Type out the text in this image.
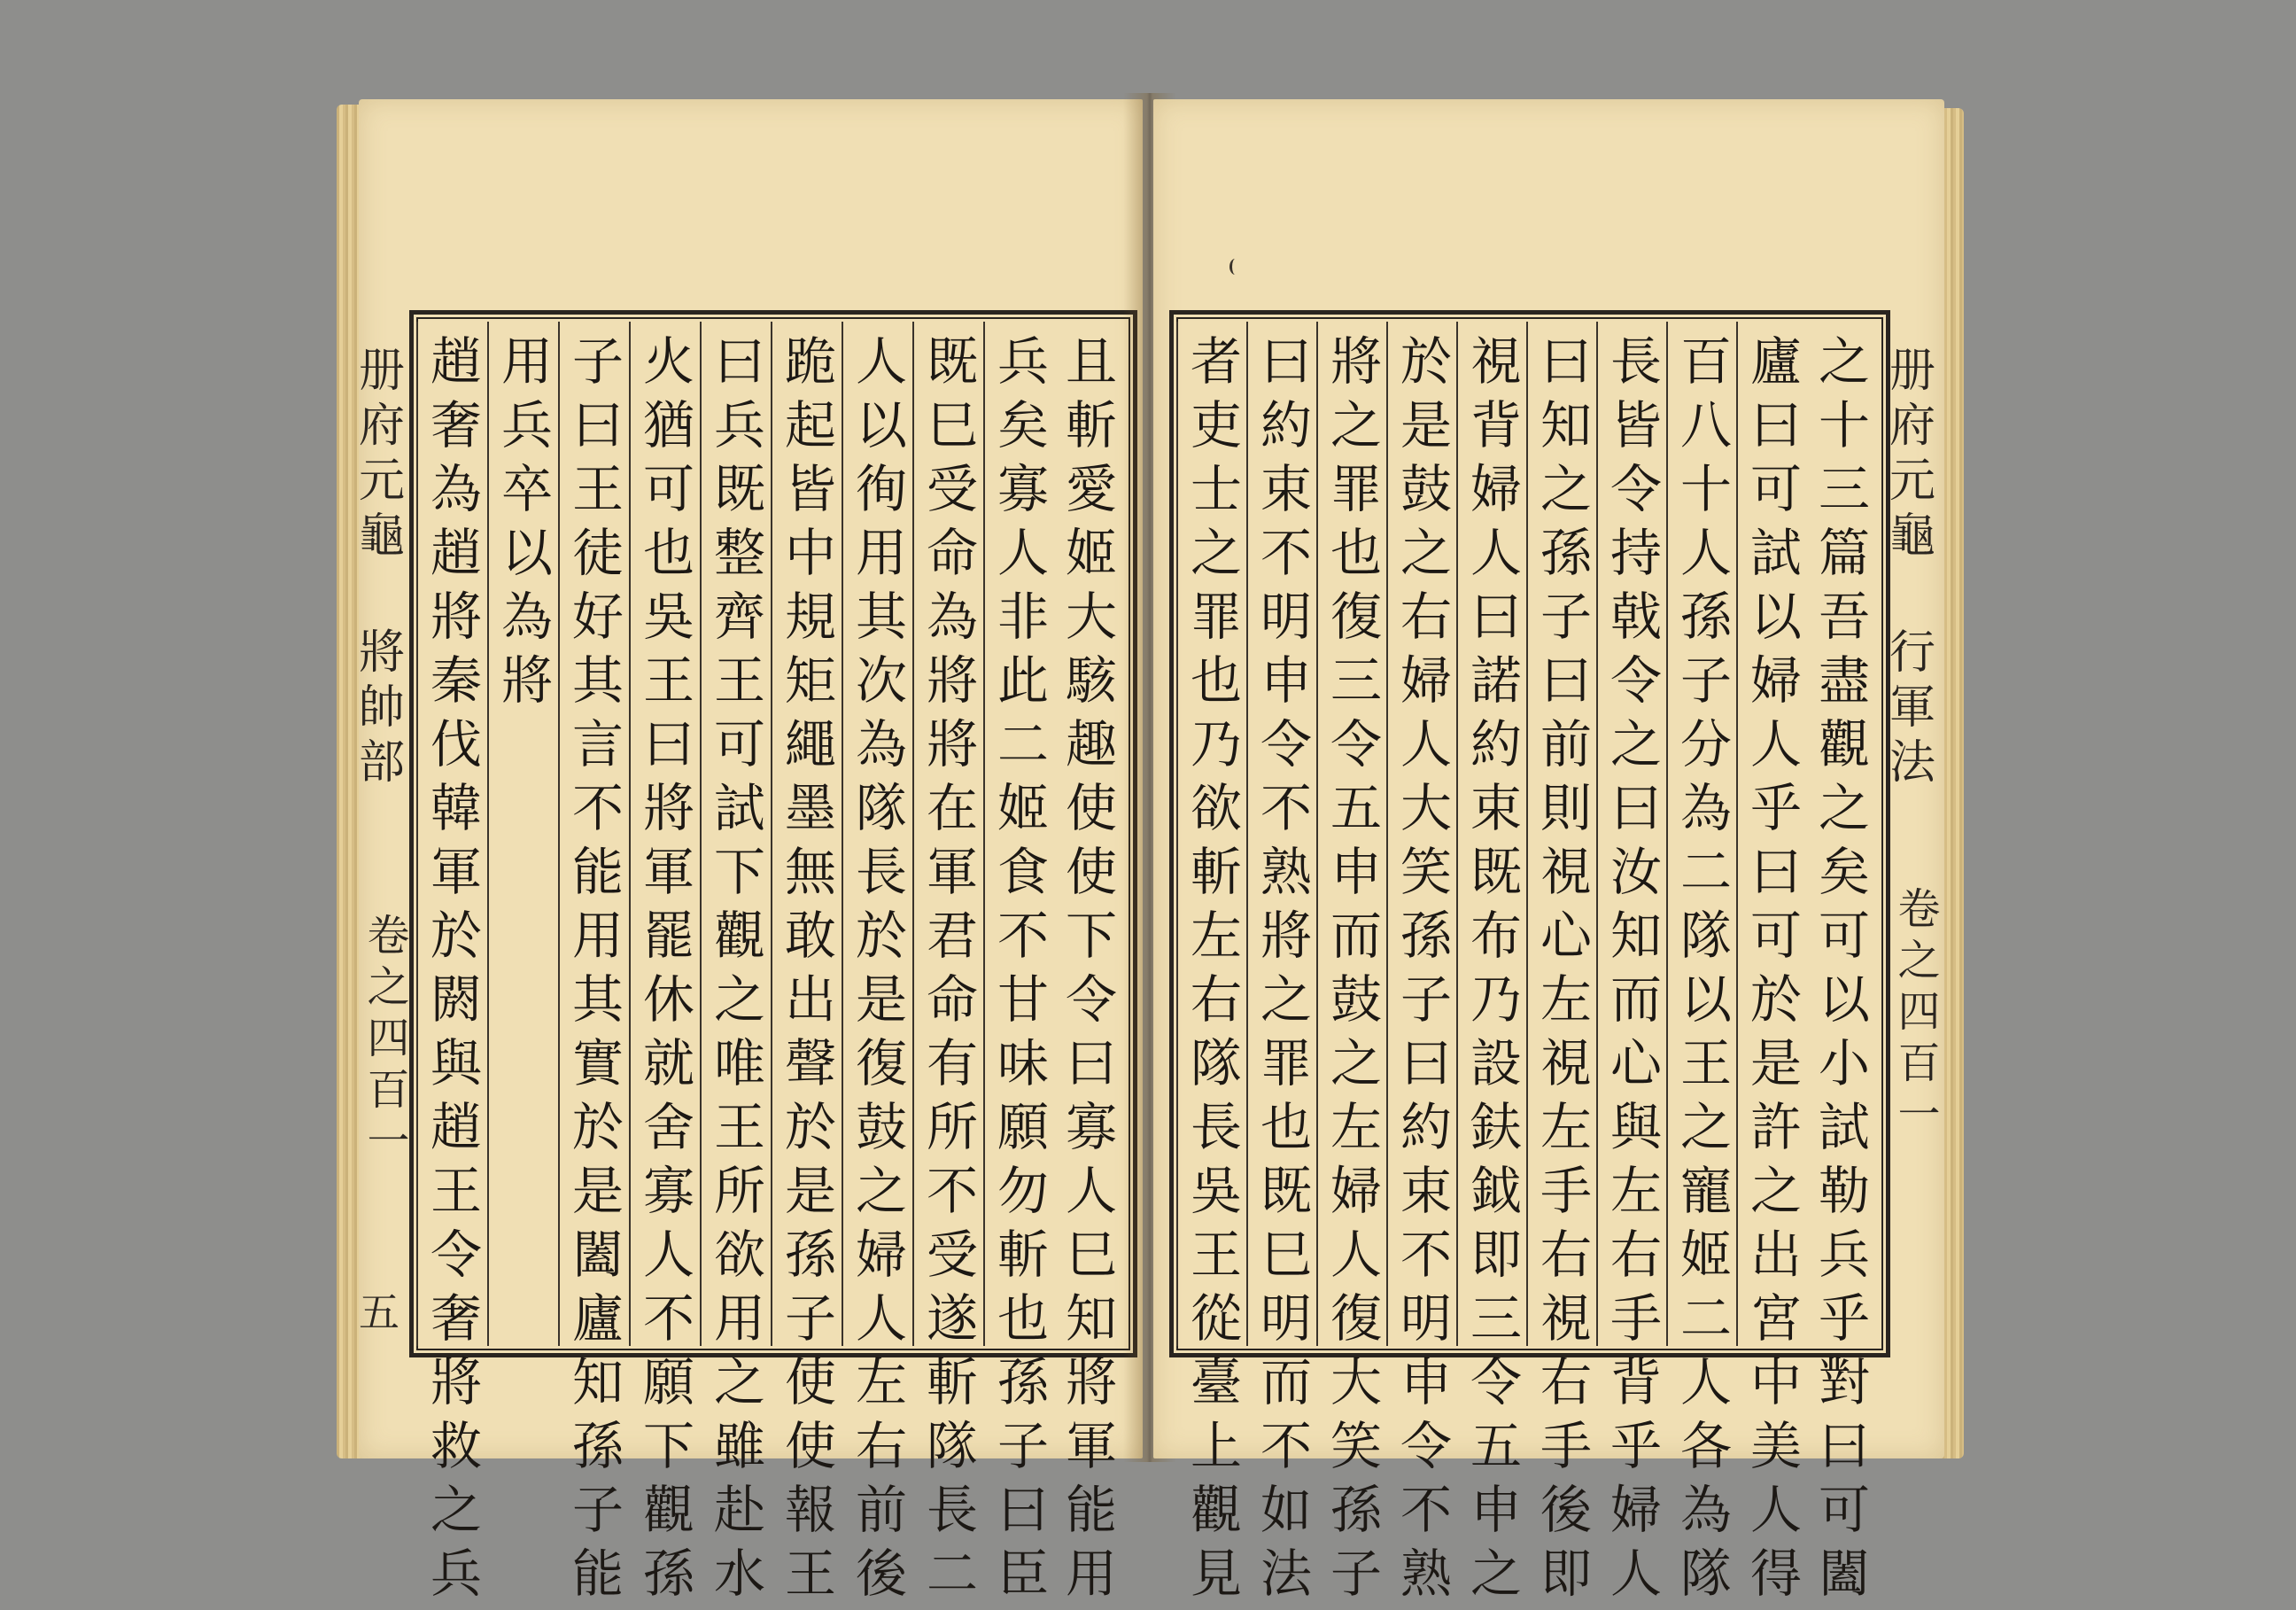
册府元龜 將帥部
卷之四百一
五	且斬愛姬大駭趣使使下令曰寡人巳知將軍能用
兵矣寡人非此二姬食不甘味願勿斬也孫子曰臣
既巳受命為將將在軍君命有所不受遂斬隊長二
人以徇用其次為隊長於是復鼓之婦人左右前後
跪起皆中規矩繩墨無敢出聲於是孫子使使報王
曰兵既整齊王可試下觀之唯王所欲用之雖赴水
火猶可也吳王曰將軍罷休就舍寡人不願下觀孫
子曰王徒好其言不能用其實於是闔廬知孫子能
用兵卒以為將
趙奢為趙將秦伐韓軍於閼與趙王令奢將救之兵	之十三篇吾盡觀之矣可以小試勒兵乎對曰可闔
廬曰可試以婦人乎曰可於是許之出宮中美人得
百八十人孫子分為二隊以王之寵姬二人各為隊
長皆令持戟令之曰汝知而心與左右手背乎婦人
曰知之孫子曰前則視心左視左手右視右手後即
視背婦人曰諾約束既布乃設鈇鉞即三令五申之
於是鼓之右婦人大笑孫子曰約束不明申令不熟
將之罪也復三令五申而鼓之左婦人復大笑孫子
曰約束不明申令不熟將之罪也既巳明而不如法
者吏士之罪也乃欲斬左右隊長吳王從臺上觀見	册府元龜 行軍法
卷之四百一
